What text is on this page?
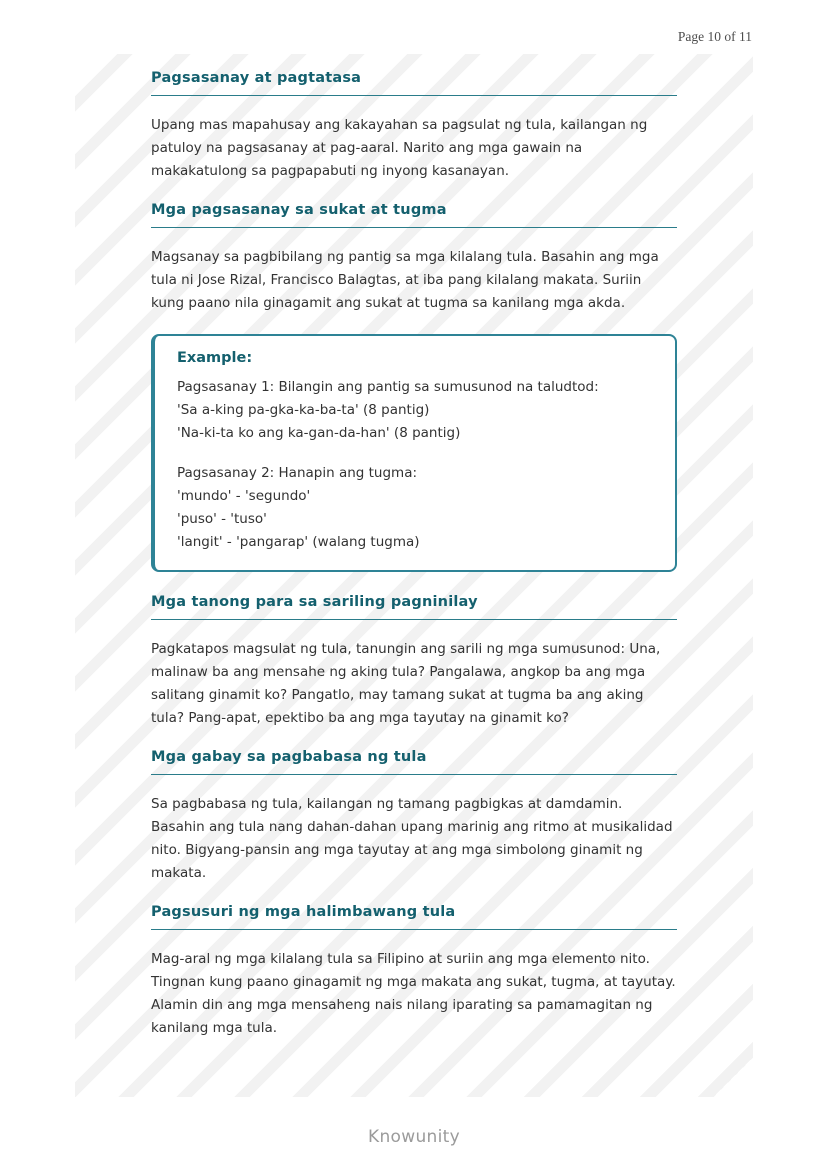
Page 10 of 11
Pagsasanay at pagtatasa

Upang mas mapahusay ang kakayahan sa pagsulat ng tula, kailangan ng patuloy na pagsasanay at pag-aaral. Narito ang mga gawain na makakatulong sa pagpapabuti ng inyong kasanayan.

Mga pagsasanay sa sukat at tugma

Magsanay sa pagbibilang ng pantig sa mga kilalang tula. Basahin ang mga tula ni Jose Rizal, Francisco Balagtas, at iba pang kilalang makata. Suriin kung paano nila ginagamit ang sukat at tugma sa kanilang mga akda.

Example:
Pagsasanay 1: Bilangin ang pantig sa sumusunod na taludtod:
'Sa a-king pa-gka-ka-ba-ta' (8 pantig)
'Na-ki-ta ko ang ka-gan-da-han' (8 pantig)
Pagsasanay 2: Hanapin ang tugma:
'mundo' - 'segundo'
'puso' - 'tuso'
'langit' - 'pangarap' (walang tugma)
Mga tanong para sa sariling pagninilay

Pagkatapos magsulat ng tula, tanungin ang sarili ng mga sumusunod: Una, malinaw ba ang mensahe ng aking tula? Pangalawa, angkop ba ang mga salitang ginamit ko? Pangatlo, may tamang sukat at tugma ba ang aking tula? Pang-apat, epektibo ba ang mga tayutay na ginamit ko?

Mga gabay sa pagbabasa ng tula

Sa pagbabasa ng tula, kailangan ng tamang pagbigkas at damdamin. Basahin ang tula nang dahan-dahan upang marinig ang ritmo at musikalidad nito. Bigyang-pansin ang mga tayutay at ang mga simbolong ginamit ng makata.

Pagsusuri ng mga halimbawang tula

Mag-aral ng mga kilalang tula sa Filipino at suriin ang mga elemento nito. Tingnan kung paano ginagamit ng mga makata ang sukat, tugma, at tayutay. Alamin din ang mga mensaheng nais nilang iparating sa pamamagitan ng kanilang mga tula.

Knowunity
